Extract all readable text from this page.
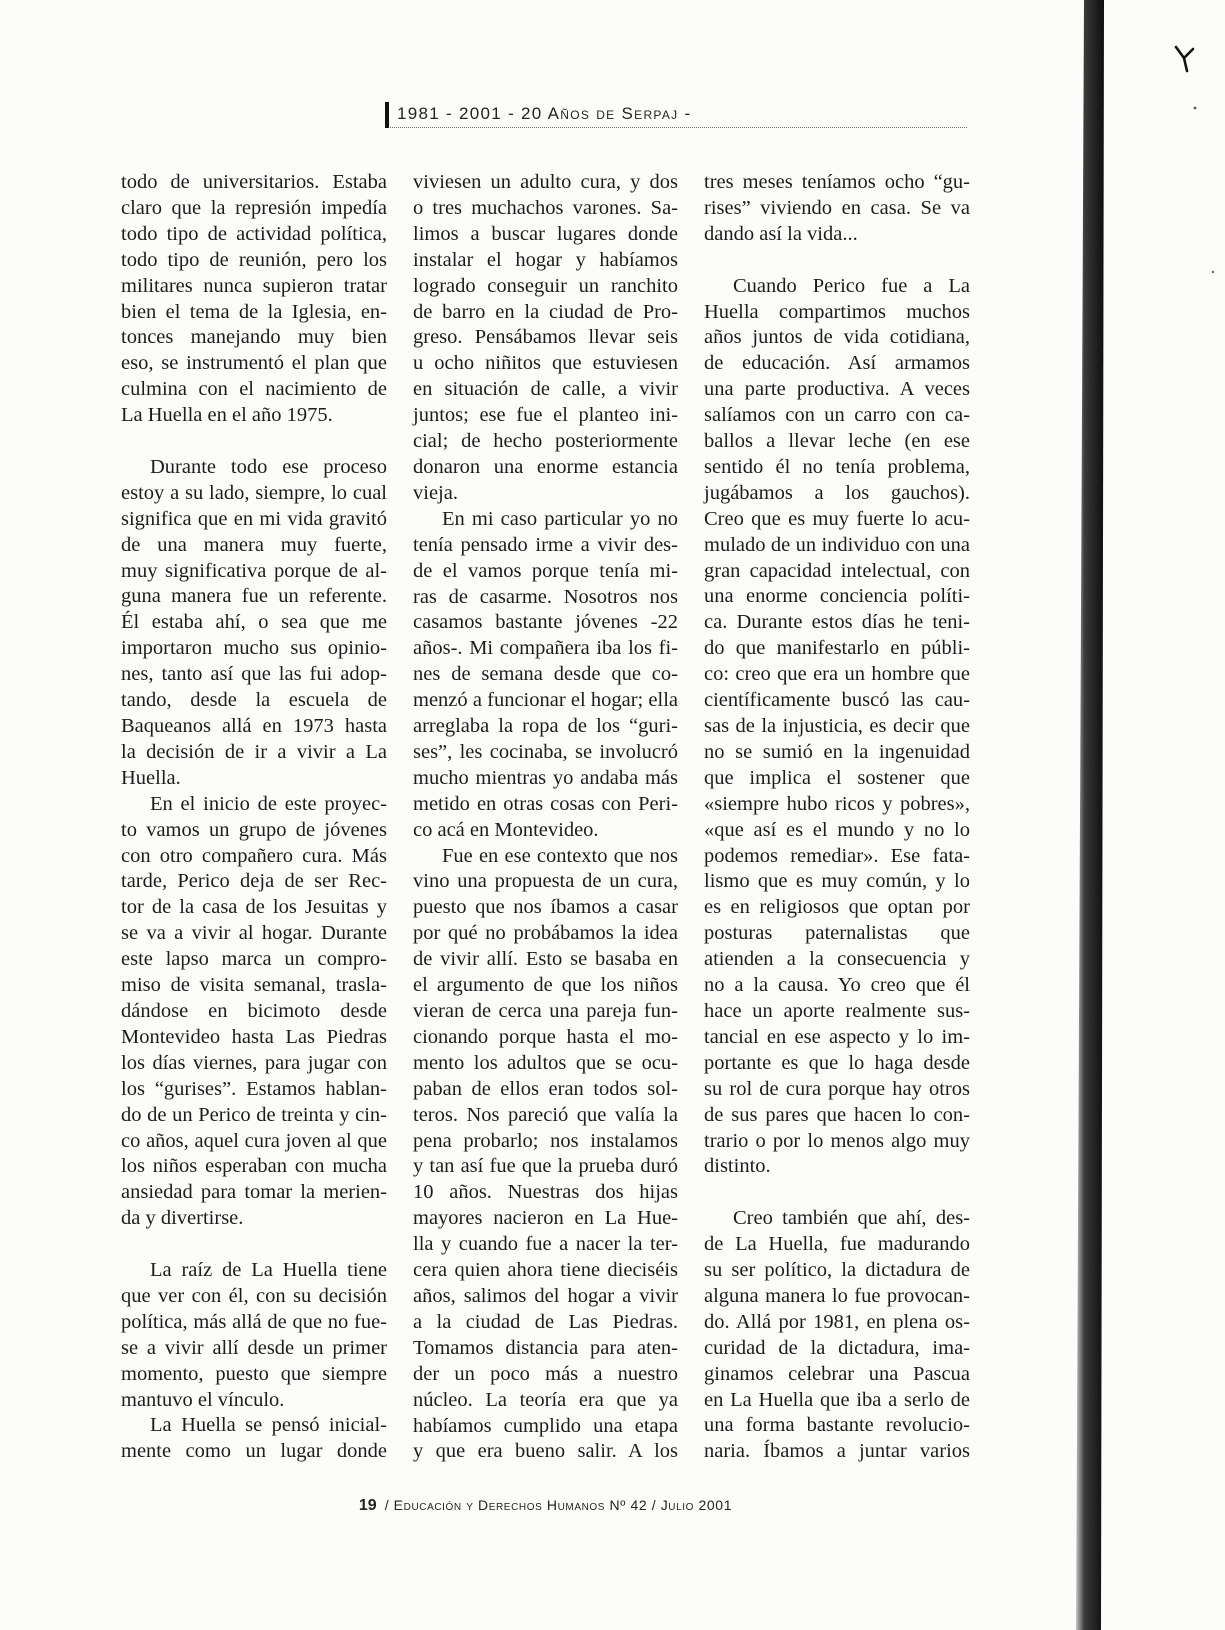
1981 - 2001 - 20 Años de Serpaj -
todo de universitarios. Estaba
claro que la represión impedía
todo tipo de actividad política,
todo tipo de reunión, pero los
militares nunca supieron tratar
bien el tema de la Iglesia, en-
tonces manejando muy bien
eso, se instrumentó el plan que
culmina con el nacimiento de
La Huella en el año 1975.
Durante todo ese proceso
estoy a su lado, siempre, lo cual
significa que en mi vida gravitó
de una manera muy fuerte,
muy significativa porque de al-
guna manera fue un referente.
Él estaba ahí, o sea que me
importaron mucho sus opinio-
nes, tanto así que las fui adop-
tando, desde la escuela de
Baqueanos allá en 1973 hasta
la decisión de ir a vivir a La
Huella.
En el inicio de este proyec-
to vamos un grupo de jóvenes
con otro compañero cura. Más
tarde, Perico deja de ser Rec-
tor de la casa de los Jesuitas y
se va a vivir al hogar. Durante
este lapso marca un compro-
miso de visita semanal, trasla-
dándose en bicimoto desde
Montevideo hasta Las Piedras
los días viernes, para jugar con
los “gurises”. Estamos hablan-
do de un Perico de treinta y cin-
co años, aquel cura joven al que
los niños esperaban con mucha
ansiedad para tomar la merien-
da y divertirse.
La raíz de La Huella tiene
que ver con él, con su decisión
política, más allá de que no fue-
se a vivir allí desde un primer
momento, puesto que siempre
mantuvo el vínculo.
La Huella se pensó inicial-
mente como un lugar donde
viviesen un adulto cura, y dos
o tres muchachos varones. Sa-
limos a buscar lugares donde
instalar el hogar y habíamos
logrado conseguir un ranchito
de barro en la ciudad de Pro-
greso. Pensábamos llevar seis
u ocho niñitos que estuviesen
en situación de calle, a vivir
juntos; ese fue el planteo ini-
cial; de hecho posteriormente
donaron una enorme estancia
vieja.
En mi caso particular yo no
tenía pensado irme a vivir des-
de el vamos porque tenía mi-
ras de casarme. Nosotros nos
casamos bastante jóvenes -22
años-. Mi compañera iba los fi-
nes de semana desde que co-
menzó a funcionar el hogar; ella
arreglaba la ropa de los “guri-
ses”, les cocinaba, se involucró
mucho mientras yo andaba más
metido en otras cosas con Peri-
co acá en Montevideo.
Fue en ese contexto que nos
vino una propuesta de un cura,
puesto que nos íbamos a casar
por qué no probábamos la idea
de vivir allí. Esto se basaba en
el argumento de que los niños
vieran de cerca una pareja fun-
cionando porque hasta el mo-
mento los adultos que se ocu-
paban de ellos eran todos sol-
teros. Nos pareció que valía la
pena probarlo; nos instalamos
y tan así fue que la prueba duró
10 años. Nuestras dos hijas
mayores nacieron en La Hue-
lla y cuando fue a nacer la ter-
cera quien ahora tiene dieciséis
años, salimos del hogar a vivir
a la ciudad de Las Piedras.
Tomamos distancia para aten-
der un poco más a nuestro
núcleo. La teoría era que ya
habíamos cumplido una etapa
y que era bueno salir. A los
tres meses teníamos ocho “gu-
rises” viviendo en casa. Se va
dando así la vida...
Cuando Perico fue a La
Huella compartimos muchos
años juntos de vida cotidiana,
de educación. Así armamos
una parte productiva. A veces
salíamos con un carro con ca-
ballos a llevar leche (en ese
sentido él no tenía problema,
jugábamos a los gauchos).
Creo que es muy fuerte lo acu-
mulado de un individuo con una
gran capacidad intelectual, con
una enorme conciencia políti-
ca. Durante estos días he teni-
do que manifestarlo en públi-
co: creo que era un hombre que
científicamente buscó las cau-
sas de la injusticia, es decir que
no se sumió en la ingenuidad
que implica el sostener que
«siempre hubo ricos y pobres»,
«que así es el mundo y no lo
podemos remediar». Ese fata-
lismo que es muy común, y lo
es en religiosos que optan por
posturas paternalistas que
atienden a la consecuencia y
no a la causa. Yo creo que él
hace un aporte realmente sus-
tancial en ese aspecto y lo im-
portante es que lo haga desde
su rol de cura porque hay otros
de sus pares que hacen lo con-
trario o por lo menos algo muy
distinto.
Creo también que ahí, des-
de La Huella, fue madurando
su ser político, la dictadura de
alguna manera lo fue provocan-
do. Allá por 1981, en plena os-
curidad de la dictadura, ima-
ginamos celebrar una Pascua
en La Huella que iba a serlo de
una forma bastante revolucio-
naria. Íbamos a juntar varios
19 / Educación y Derechos Humanos Nº 42 / Julio 2001
